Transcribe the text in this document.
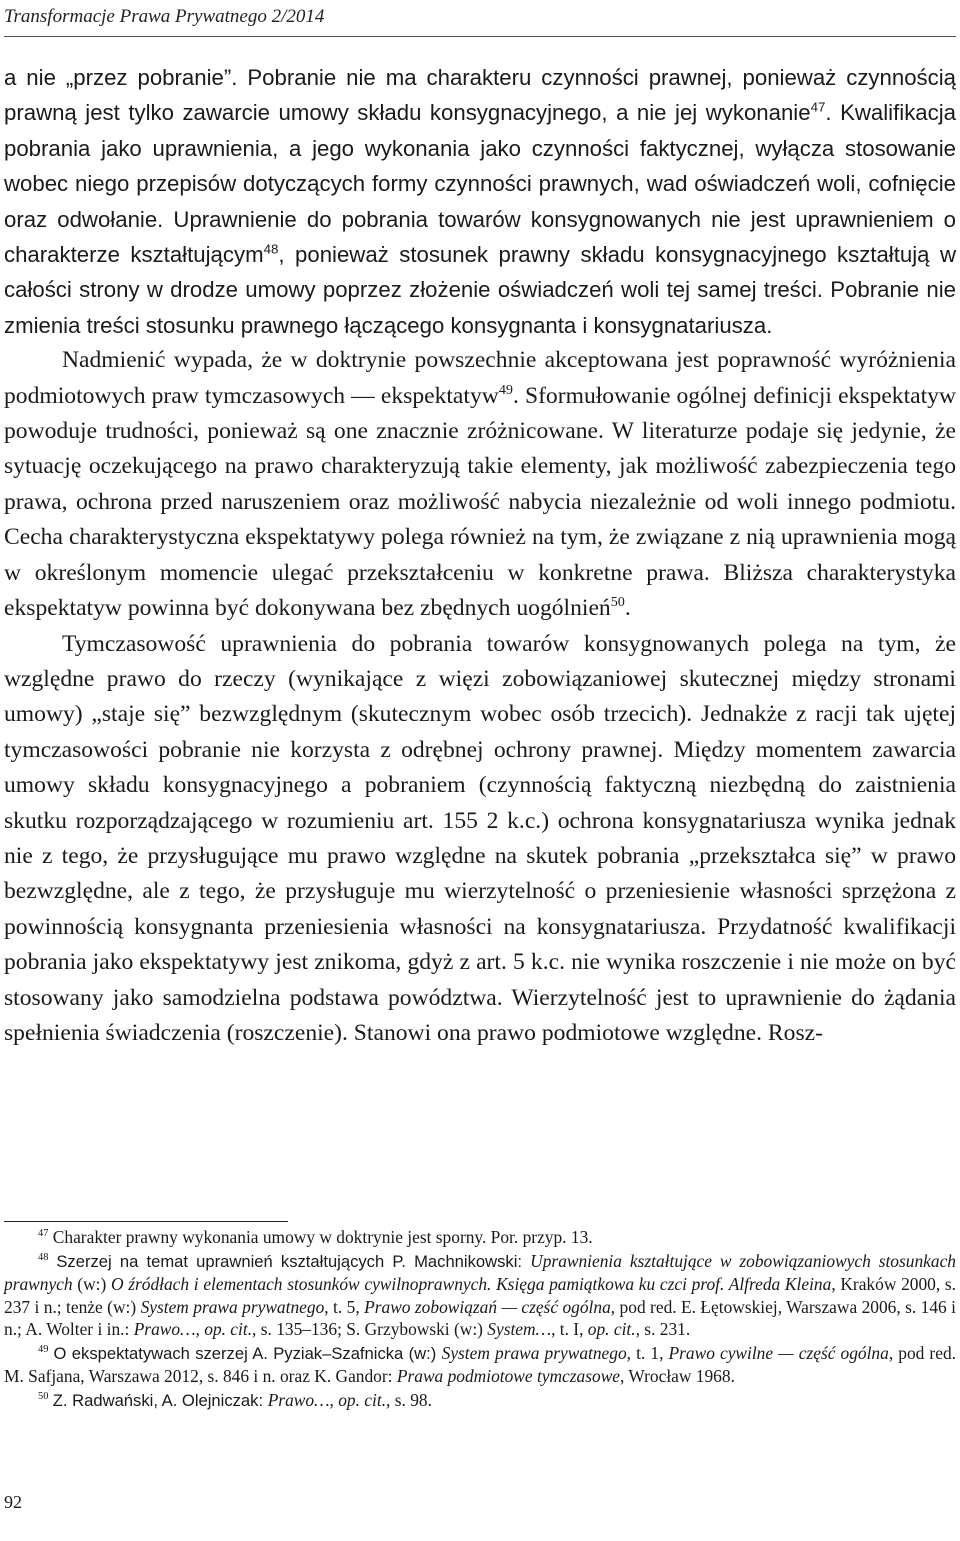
Transformacje Prawa Prywatnego 2/2014

a nie „przez pobranie”. Pobranie nie ma charakteru czynności prawnej, ponieważ czynnością prawną jest tylko zawarcie umowy składu konsygnacyjnego, a nie jej wykonanie$^{47}$. Kwalifikacja pobrania jako uprawnienia, a jego wykonania jako czynności faktycznej, wyłącza stosowanie wobec niego przepisów dotyczących formy czynności prawnych, wad oświadczeń woli, cofnięcie oraz odwołanie. Uprawnienie do pobrania towarów konsygnowanych nie jest uprawnieniem o charakterze kształtującym$^{48}$, ponieważ stosunek prawny składu konsygnacyjnego kształtują w całości strony w drodze umowy poprzez złożenie oświadczeń woli tej samej treści. Pobranie nie zmienia treści stosunku prawnego łączącego konsygnanta i konsygnatariusza.

Nadmienić wypada, że w doktrynie powszechnie akceptowana jest poprawność wyróżnienia podmiotowych praw tymczasowych — ekspektatyw$^{49}$. Sformułowanie ogólnej definicji ekspektatyw powoduje trudności, ponieważ są one znacznie zróżnicowane. W literaturze podaje się jedynie, że sytuację oczekującego na prawo charakteryzują takie elementy, jak możliwość zabezpieczenia tego prawa, ochrona przed naruszeniem oraz możliwość nabycia niezależnie od woli innego podmiotu. Cecha charakterystyczna ekspektatywy polega również na tym, że związane z nią uprawnienia mogą w określonym momencie ulegać przekształceniu w konkretne prawa. Bliższa charakterystyka ekspektatyw powinna być dokonywana bez zbędnych uogólnień$^{50}$.

Tymczasowość uprawnienia do pobrania towarów konsygnowanych polega na tym, że względne prawo do rzeczy (wynikające z więzi zobowiązaniowej skutecznej między stronami umowy) „staje się” bezwzględnym (skutecznym wobec osób trzecich). Jednakże z racji tak ujętej tymczasowości pobranie nie korzysta z odrębnej ochrony prawnej. Między momentem zawarcia umowy składu konsygnacyjnego a pobraniem (czynnością faktyczną niezbędną do zaistnienia skutku rozporządzającego w rozumieniu art. 155 2 k.c.) ochrona konsygnatariusza wynika jednak nie z tego, że przysługujące mu prawo względne na skutek pobrania „przekształca się” w prawo bezwzględne, ale z tego, że przysługuje mu wierzytelność o przeniesienie własności sprzężona z powinnością konsygnanta przeniesienia własności na konsygnatariusza. Przydatność kwalifikacji pobrania jako ekspektatywy jest znikoma, gdyż z art. 5 k.c. nie wynika roszczenie i nie może on być stosowany jako samodzielna podstawa powództwa. Wierzytelność jest to uprawnienie do żądania spełnienia świadczenia (roszczenie). Stanowi ona prawo podmiotowe względne. Rosz-

$^{47}$ Charakter prawny wykonania umowy w doktrynie jest sporny. Por. przyp. 13.

$^{48}$ Szerzej na temat uprawnień kształtujących P. Machnikowski: Uprawnienia kształtujące w zobowiązaniowych stosunkach prawnych (w:) O źródłach i elementach stosunków cywilnoprawnych. Księga pamiątkowa ku czci prof. Alfreda Kleina, Kraków 2000, s. 237 i n.; tenże (w:) System prawa prywatnego, t. 5, Prawo zobowiązań — część ogólna, pod red. E. Łętowskiej, Warszawa 2006, s. 146 i n.; A. Wolter i in.: Prawo…, op. cit., s. 135–136; S. Grzybowski (w:) System…, t. I, op. cit., s. 231.

$^{49}$ O ekspektatywach szerzej A. Pyziak–Szafnicka (w:) System prawa prywatnego, t. 1, Prawo cywilne — część ogólna, pod red. M. Safjana, Warszawa 2012, s. 846 i n. oraz K. Gandor: Prawa podmiotowe tymczasowe, Wrocław 1968.

$^{50}$ Z. Radwański, A. Olejniczak: Prawo…, op. cit., s. 98.

92
